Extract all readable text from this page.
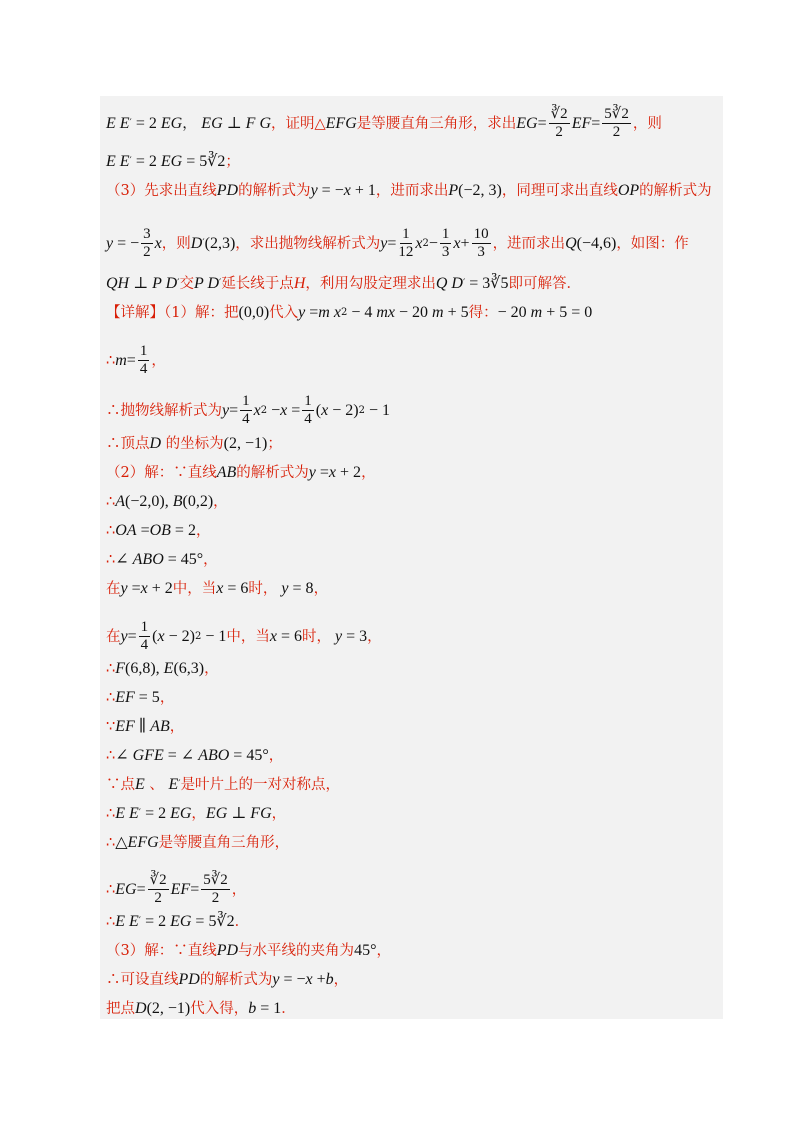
E E ′ = 2 EG ， EG ⊥ F G ，证明△ EFG 是等腰直角三角形，求出 EG = $\frac{∛2}{2}$ EF = $\frac{5∛2}{2}$ ，则
E E ′ = 2 EG = 5∛2 ；
（3）先求出直线 PD 的解析式为 y = − x + 1 ，进而求出 P (−2, 3) ，同理可求出直线 OP 的解析式为
y = − $\frac{3}{2}$ x ，则 D ′ (2,3) ，求出抛物线解析式为 $y = \frac{1}{12}$ x $2 - \frac{1}{3}$ $x + \frac{10}{3}$ ，进而求出 Q (−4,6) ，如图：作
QH ⊥ P D ′ 交 P D ′ 延长线于点 H ，利用勾股定理求出 Q D ′ = 3∛5 即可解答．
【详解】（1）解：把 (0,0) 代入 y = m x 2 − 4 mx − 20 m + 5 得： − 20 m + 5 = 0
∴ $m = \frac{1}{4}$ ，
∴抛物线解析式为 $y = \frac{1}{4}$ x $2 - x = \frac{1}{4}$ ( x − 2) 2 − 1
∴顶点 D 的坐标为 (2, −1) ；
（2）解：∵直线 AB 的解析式为 y = x + 2 ，
∴ A (−2,0), B (0,2) ，
∴ OA = OB = 2 ，
∴ ∠ ABO = 45° ，
在 y = x + 2 中，当 x = 6 时， y = 8 ，
在 $y = \frac{1}{4}$ ( x − 2) 2 − 1 中，当 x = 6 时， y = 3 ，
∴ F (6,8), E (6,3) ，
∴ EF = 5 ，
∵ EF ∥ AB ，
∴ ∠ GFE = ∠ ABO = 45° ，
∵点 E 、 E ′ 是叶片上的一对对称点，
∴ E E ′ = 2 EG ， EG ⊥ FG ，
∴ △ EFG 是等腰直角三角形，
∴ EG = $\frac{∛2}{2}$ EF = $\frac{5∛2}{2}$ ，
∴ E E ′ = 2 EG = 5∛2 ．
（3）解：∵直线 PD 与水平线的夹角为 45° ，
∴可设直线 PD 的解析式为 y = − x + b ，
把点 D (2, −1) 代入得， b = 1 ．
